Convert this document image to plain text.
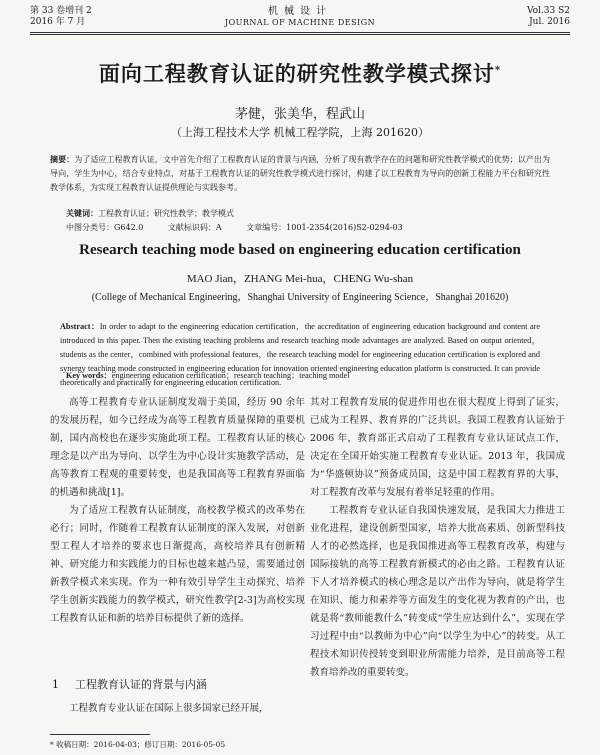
第 33 卷增刊 2
2016 年 7 月
机械设计
JOURNAL OF MACHINE DESIGN
Vol.33 S2
Jul. 2016
面向工程教育认证的研究性教学模式探讨*
茅健，张美华，程武山
（上海工程技术大学 机械工程学院，上海 201620）
摘要：为了适应工程教育认证，文中首先介绍了工程教育认证的背景与内涵，分析了现有教学存在的问题和研究性教学模式的优势；以产出为导向，学生为中心，结合专业特点，对基于工程教育认证的研究性教学模式进行探讨，构建了以工程教育为导向的创新工程能力平台和研究性教学体系，为实现工程教育认证提供理论与实践参考。
关键词：工程教育认证；研究性教学；教学模式
中图分类号：G642.0	文献标识码：A	文章编号：1001-2354(2016)S2-0294-03
Research teaching mode based on engineering education certification
MAO Jian，ZHANG Mei-hua，CHENG Wu-shan
(College of Mechanical Engineering，Shanghai University of Engineering Science，Shanghai 201620)
Abstract：In order to adapt to the engineering education certification，the accreditation of engineering education background and content are introduced in this paper. Then the existing teaching problems and research teaching mode advantages are analyzed. Based on output oriented，students as the center，combined with professional features，the research teaching model for engineering education certification is explored and synergy teaching mode constructed in engineering education for innovation oriented engineering education platform is constructed. It can provide theoretically and practically for engineering education certification.
Key words：engineering education certification；research teaching；teaching model

高等工程教育专业认证制度发端于美国，经历 90 余年的发展历程，如今已经成为高等工程教育质量保障的重要机制，国内高校也在逐步实施此项工程。工程教育认证的核心理念是以产出为导向、以学生为中心设计实施教学活动，是高等教育工程观的重要转变，也是我国高等工程教育界面临的机遇和挑战[1]。

为了适应工程教育认证制度，高校教学模式的改革势在必行；同时，作随着工程教育认证制度的深入发展，对创新型工程人才培养的要求也日渐提高，高校培养具有创新精神、研究能力和实践能力的目标也越来越凸显，需要通过创新教学模式来实现。作为一种有效引导学生主动探究、培养学生创新实践能力的教学模式，研究性教学[2-3]为高校实现工程教育认证和新的培养目标提供了新的选择。

其对工程教育发展的促进作用也在很大程度上得到了证实，已成为工程界、教育界的广泛共识。我国工程教育认证始于 2006 年，教育部正式启动了工程教育专业认证试点工作，决定在全国开始实施工程教育专业认证。2013 年，我国成为“华盛顿协议”预备成员国，这是中国工程教育界的大事，对工程教育改革与发展有着举足轻重的作用。

工程教育专业认证自我国快速发展，是我国大力推进工业化进程，建设创新型国家，培养大批高素质、创新型科技人才的必然选择，也是我国推进高等工程教育改革，构建与国际接轨的高等工程教育新模式的必由之路。工程教育认证下人才培养模式的核心理念是以产出作为导向，就是将学生在知识、能力和素养等方面发生的变化视为教育的产出，也就是将“教师能教什么”转变成“学生应达到什么”，实现在学习过程中由“以教师为中心”向“以学生为中心”的转变。从工程技术知识传授转变到职业所需能力培养，是目前高等工程教育培养改的重要转变。

1 工程教育认证的背景与内涵
工程教育专业认证在国际上很多国家已经开展，
* 收稿日期：2016-04-03；修订日期：2016-05-05
